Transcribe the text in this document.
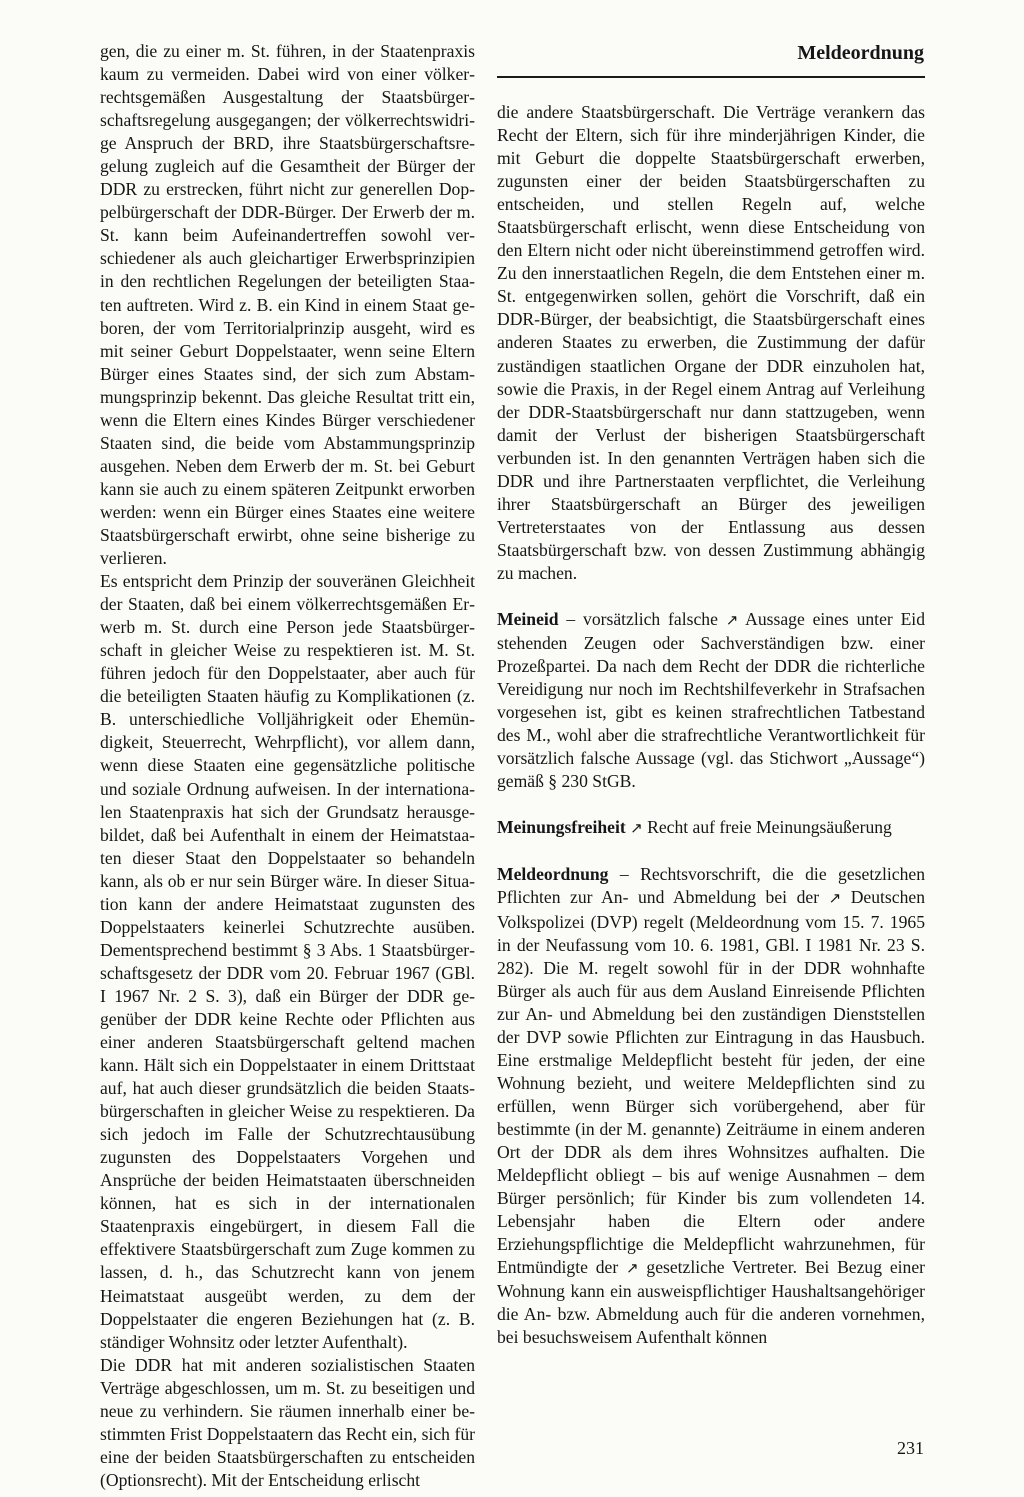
Meldeordnung

gen, die zu einer m. St. führen, in der Staatenpraxis kaum zu vermeiden. Dabei wird von einer völkerrechtsgemäßen Ausgestaltung der Staatsbürgerschaftsregelung ausgegangen; der völkerrechtswidrige Anspruch der BRD, ihre Staatsbürgerschaftsregelung zugleich auf die Gesamtheit der Bürger der DDR zu erstrecken, führt nicht zur generellen Doppelbürgerschaft der DDR-Bürger. Der Erwerb der m. St. kann beim Aufeinandertreffen sowohl verschiedener als auch gleichartiger Erwerbsprinzipien in den rechtlichen Regelungen der beteiligten Staaten auftreten. Wird z. B. ein Kind in einem Staat geboren, der vom Territorialprinzip ausgeht, wird es mit seiner Geburt Doppelstaater, wenn seine Eltern Bürger eines Staates sind, der sich zum Abstammungsprinzip bekennt. Das gleiche Resultat tritt ein, wenn die Eltern eines Kindes Bürger verschiedener Staaten sind, die beide vom Abstammungsprinzip ausgehen. Neben dem Erwerb der m. St. bei Geburt kann sie auch zu einem späteren Zeitpunkt erworben werden: wenn ein Bürger eines Staates eine weitere Staatsbürgerschaft erwirbt, ohne seine bisherige zu verlieren.

Es entspricht dem Prinzip der souveränen Gleichheit der Staaten, daß bei einem völkerrechtsgemäßen Erwerb m. St. durch eine Person jede Staatsbürgerschaft in gleicher Weise zu respektieren ist. M. St. führen jedoch für den Doppelstaater, aber auch für die beteiligten Staaten häufig zu Komplikationen (z. B. unterschiedliche Volljährigkeit oder Ehemündigkeit, Steuerrecht, Wehrpflicht), vor allem dann, wenn diese Staaten eine gegensätzliche politische und soziale Ordnung aufweisen. In der internationalen Staatenpraxis hat sich der Grundsatz herausgebildet, daß bei Aufenthalt in einem der Heimatstaaten dieser Staat den Doppelstaater so behandeln kann, als ob er nur sein Bürger wäre. In dieser Situation kann der andere Heimatstaat zugunsten des Doppelstaaters keinerlei Schutzrechte ausüben. Dementsprechend bestimmt § 3 Abs. 1 Staatsbürgerschaftsgesetz der DDR vom 20. Februar 1967 (GBl. I 1967 Nr. 2 S. 3), daß ein Bürger der DDR gegenüber der DDR keine Rechte oder Pflichten aus einer anderen Staatsbürgerschaft geltend machen kann. Hält sich ein Doppelstaater in einem Drittstaat auf, hat auch dieser grundsätzlich die beiden Staatsbürgerschaften in gleicher Weise zu respektieren. Da sich jedoch im Falle der Schutzrechtausübung zugunsten des Doppelstaaters Vorgehen und Ansprüche der beiden Heimatstaaten überschneiden können, hat es sich in der internationalen Staatenpraxis eingebürgert, in diesem Fall die effektivere Staatsbürgerschaft zum Zuge kommen zu lassen, d. h., das Schutzrecht kann von jenem Heimatstaat ausgeübt werden, zu dem der Doppelstaater die engeren Beziehungen hat (z. B. ständiger Wohnsitz oder letzter Aufenthalt).

Die DDR hat mit anderen sozialistischen Staaten Verträge abgeschlossen, um m. St. zu beseitigen und neue zu verhindern. Sie räumen innerhalb einer bestimmten Frist Doppelstaatern das Recht ein, sich für eine der beiden Staatsbürgerschaften zu entscheiden (Optionsrecht). Mit der Entscheidung erlischt

die andere Staatsbürgerschaft. Die Verträge verankern das Recht der Eltern, sich für ihre minderjährigen Kinder, die mit Geburt die doppelte Staatsbürgerschaft erwerben, zugunsten einer der beiden Staatsbürgerschaften zu entscheiden, und stellen Regeln auf, welche Staatsbürgerschaft erlischt, wenn diese Entscheidung von den Eltern nicht oder nicht übereinstimmend getroffen wird. Zu den innerstaatlichen Regeln, die dem Entstehen einer m. St. entgegenwirken sollen, gehört die Vorschrift, daß ein DDR-Bürger, der beabsichtigt, die Staatsbürgerschaft eines anderen Staates zu erwerben, die Zustimmung der dafür zuständigen staatlichen Organe der DDR einzuholen hat, sowie die Praxis, in der Regel einem Antrag auf Verleihung der DDR-Staatsbürgerschaft nur dann stattzugeben, wenn damit der Verlust der bisherigen Staatsbürgerschaft verbunden ist. In den genannten Verträgen haben sich die DDR und ihre Partnerstaaten verpflichtet, die Verleihung ihrer Staatsbürgerschaft an Bürger des jeweiligen Vertreterstaates von der Entlassung aus dessen Staatsbürgerschaft bzw. von dessen Zustimmung abhängig zu machen.

Meineid – vorsätzlich falsche ↗ Aussage eines unter Eid stehenden Zeugen oder Sachverständigen bzw. einer Prozeßpartei. Da nach dem Recht der DDR die richterliche Vereidigung nur noch im Rechtshilfeverkehr in Strafsachen vorgesehen ist, gibt es keinen strafrechtlichen Tatbestand des M., wohl aber die strafrechtliche Verantwortlichkeit für vorsätzlich falsche Aussage (vgl. das Stichwort „Aussage“) gemäß § 230 StGB.

Meinungsfreiheit ↗ Recht auf freie Meinungsäußerung

Meldeordnung – Rechtsvorschrift, die die gesetzlichen Pflichten zur An- und Abmeldung bei der ↗ Deutschen Volkspolizei (DVP) regelt (Meldeordnung vom 15. 7. 1965 in der Neufassung vom 10. 6. 1981, GBl. I 1981 Nr. 23 S. 282). Die M. regelt sowohl für in der DDR wohnhafte Bürger als auch für aus dem Ausland Einreisende Pflichten zur An- und Abmeldung bei den zuständigen Dienststellen der DVP sowie Pflichten zur Eintragung in das Hausbuch. Eine erstmalige Meldepflicht besteht für jeden, der eine Wohnung bezieht, und weitere Meldepflichten sind zu erfüllen, wenn Bürger sich vorübergehend, aber für bestimmte (in der M. genannte) Zeiträume in einem anderen Ort der DDR als dem ihres Wohnsitzes aufhalten. Die Meldepflicht obliegt – bis auf wenige Ausnahmen – dem Bürger persönlich; für Kinder bis zum vollendeten 14. Lebensjahr haben die Eltern oder andere Erziehungspflichtige die Meldepflicht wahrzunehmen, für Entmündigte der ↗ gesetzliche Vertreter. Bei Bezug einer Wohnung kann ein ausweispflichtiger Haushaltsangehöriger die An- bzw. Abmeldung auch für die anderen vornehmen, bei besuchsweisem Aufenthalt können

231
